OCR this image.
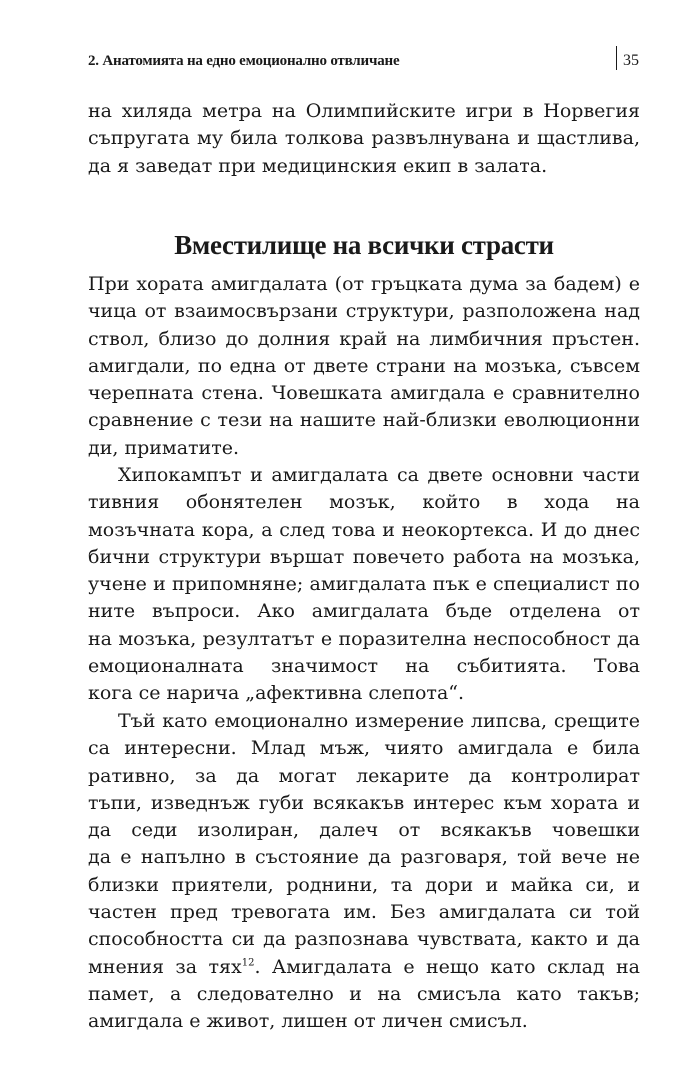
2. Анатомията на едно емоционално отвличане	35
на хиляда метра на Олимпийските игри в Норвегия
съпругата му била толкова развълнувана и щастлива,
да я заведат при медицинския екип в залата.
Вместилище на всички страсти
При хората амигдалата (от гръцката дума за бадем) е
чица от взаимосвързани структури, разположена над
ствол, близо до долния край на лимбичния пръстен.
амигдали, по една от двете страни на мозъка, съвсем
черепната стена. Човешката амигдала е сравнително
сравнение с тези на нашите най-близки еволюционни
ди, приматите.
Хипокампът и амигдалата са двете основни части
тивния обонятелен мозък, който в хода на
мозъчната кора, а след това и неокортекса. И до днес
бични структури вършат повечето работа на мозъка,
учене и припомняне; амигдалата пък е специалист по
ните въпроси. Ако амигдалата бъде отделена от
на мозъка, резултатът е поразителна неспособност да
емоционалната значимост на събитията. Това
кога се нарича „афективна слепота“.
Тъй като емоционално измерение липсва, срещите
са интересни. Млад мъж, чиято амигдала е била
ративно, за да могат лекарите да контролират
тъпи, изведнъж губи всякакъв интерес към хората и
да седи изолиран, далеч от всякакъв човешки
да е напълно в състояние да разговаря, той вече не
близки приятели, роднини, та дори и майка си, и
частен пред тревогата им. Без амигдалата си той
способността си да разпознава чувствата, както и да
мнения за тях$^{12}$. Амигдалата е нещо като склад на
памет, а следователно и на смисъла като такъв;
амигдала е живот, лишен от личен смисъл.
